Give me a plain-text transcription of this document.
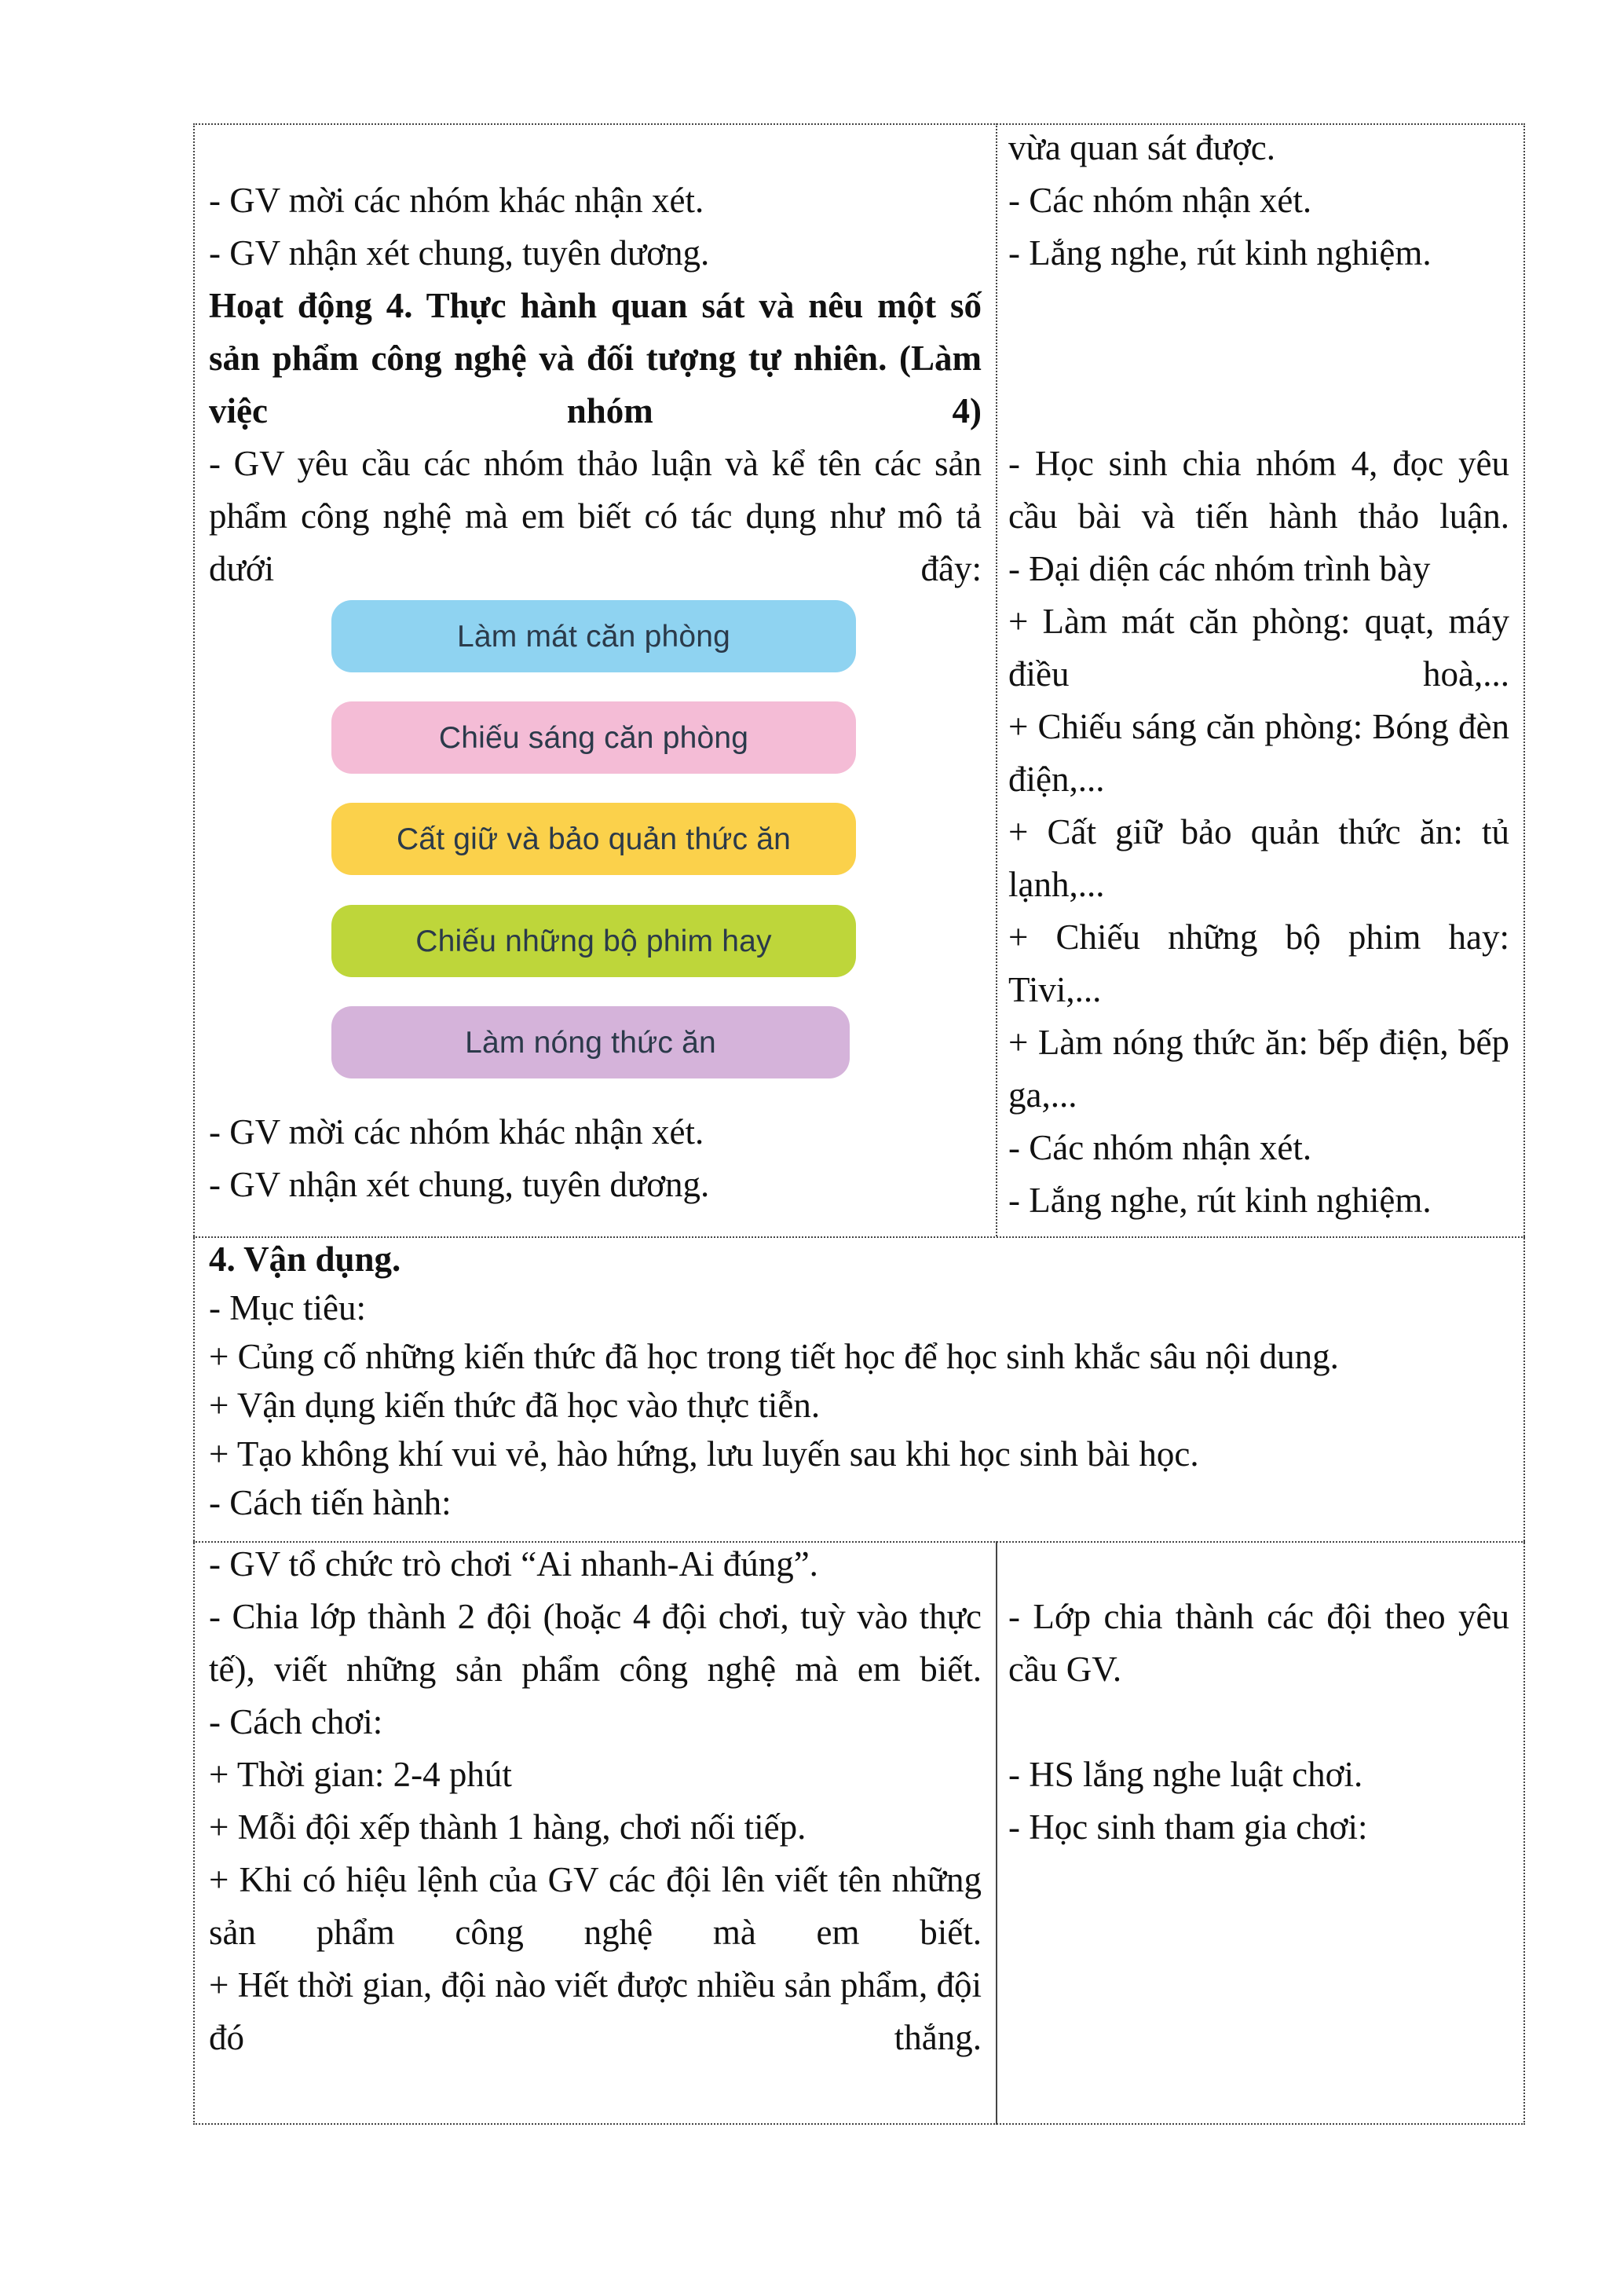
- GV mời các nhóm khác nhận xét.

- GV nhận xét chung, tuyên dương.

Hoạt động 4. Thực hành quan sát và nêu một số sản phẩm công nghệ và đối tượng tự nhiên. (Làm việc nhóm 4)

- GV yêu cầu các nhóm thảo luận và kể tên các sản phẩm công nghệ mà em biết có tác dụng như mô tả dưới đây:

Làm mát căn phòng
Chiếu sáng căn phòng
Cất giữ và bảo quản thức ăn
Chiếu những bộ phim hay
Làm nóng thức ăn

- GV mời các nhóm khác nhận xét.

- GV nhận xét chung, tuyên dương.

vừa quan sát được.

- Các nhóm nhận xét.

- Lắng nghe, rút kinh nghiệm.

- Học sinh chia nhóm 4, đọc yêu cầu bài và tiến hành thảo luận.

- Đại diện các nhóm trình bày

+ Làm mát căn phòng: quạt, máy điều hoà,...

+ Chiếu sáng căn phòng: Bóng đèn điện,...

+ Cất giữ bảo quản thức ăn: tủ lạnh,...

+ Chiếu những bộ phim hay: Tivi,...

+ Làm nóng thức ăn: bếp điện, bếp ga,...

- Các nhóm nhận xét.

- Lắng nghe, rút kinh nghiệm.

4. Vận dụng.

- Mục tiêu:

+ Củng cố những kiến thức đã học trong tiết học để học sinh khắc sâu nội dung.

+ Vận dụng kiến thức đã học vào thực tiễn.

+ Tạo không khí vui vẻ, hào hứng, lưu luyến sau khi học sinh bài học.

- Cách tiến hành:

- GV tổ chức trò chơi “Ai nhanh-Ai đúng”.

- Chia lớp thành 2 đội (hoặc 4 đội chơi, tuỳ vào thực tế), viết những sản phẩm công nghệ mà em biết.

- Cách chơi:

+ Thời gian: 2-4 phút

+ Mỗi đội xếp thành 1 hàng, chơi nối tiếp.

+ Khi có hiệu lệnh của GV các đội lên viết tên những sản phẩm công nghệ mà em biết.

+ Hết thời gian, đội nào viết được nhiều sản phẩm, đội đó thắng.

- Lớp chia thành các đội theo yêu cầu GV.

- HS lắng nghe luật chơi.

- Học sinh tham gia chơi:
